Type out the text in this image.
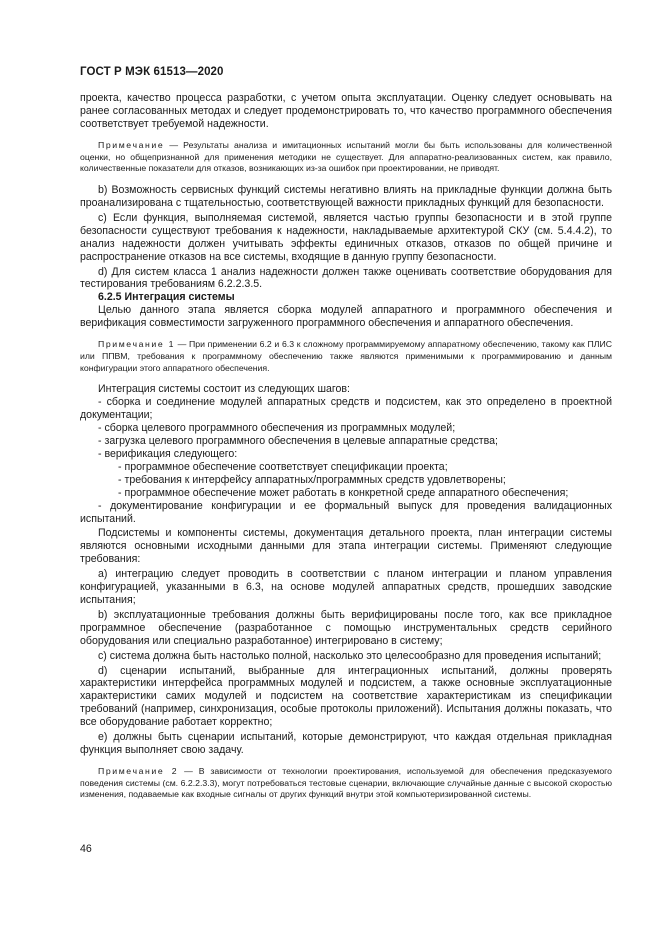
ГОСТ Р МЭК 61513—2020

проекта, качество процесса разработки, с учетом опыта эксплуатации. Оценку следует основывать на ранее согласованных методах и следует продемонстрировать то, что качество программного обеспечения соответствует требуемой надежности.

Примечание — Результаты анализа и имитационных испытаний могли бы быть использованы для количественной оценки, но общепризнанной для применения методики не существует. Для аппаратно-реализованных систем, как правило, количественные показатели для отказов, возникающих из-за ошибок при проектировании, не приводят.

b) Возможность сервисных функций системы негативно влиять на прикладные функции должна быть проанализирована с тщательностью, соответствующей важности прикладных функций для безопасности.

c) Если функция, выполняемая системой, является частью группы безопасности и в этой группе безопасности существуют требования к надежности, накладываемые архитектурой СКУ (см. 5.4.4.2), то анализ надежности должен учитывать эффекты единичных отказов, отказов по общей причине и распространение отказов на все системы, входящие в данную группу безопасности.

d) Для систем класса 1 анализ надежности должен также оценивать соответствие оборудования для тестирования требованиям 6.2.2.3.5.

6.2.5 Интеграция системы

Целью данного этапа является сборка модулей аппаратного и программного обеспечения и верификация совместимости загруженного программного обеспечения и аппаратного обеспечения.

Примечание 1 — При применении 6.2 и 6.3 к сложному программируемому аппаратному обеспечению, такому как ПЛИС или ППВМ, требования к программному обеспечению также являются применимыми к программированию и данным конфигурации этого аппаратного обеспечения.

Интеграция системы состоит из следующих шагов:

- сборка и соединение модулей аппаратных средств и подсистем, как это определено в проектной документации;

- сборка целевого программного обеспечения из программных модулей;

- загрузка целевого программного обеспечения в целевые аппаратные средства;

- верификация следующего:

- программное обеспечение соответствует спецификации проекта;

- требования к интерфейсу аппаратных/программных средств удовлетворены;

- программное обеспечение может работать в конкретной среде аппаратного обеспечения;

- документирование конфигурации и ее формальный выпуск для проведения валидационных испытаний.

Подсистемы и компоненты системы, документация детального проекта, план интеграции системы являются основными исходными данными для этапа интеграции системы. Применяют следующие требования:

a) интеграцию следует проводить в соответствии с планом интеграции и планом управления конфигурацией, указанными в 6.3, на основе модулей аппаратных средств, прошедших заводские испытания;

b) эксплуатационные требования должны быть верифицированы после того, как все прикладное программное обеспечение (разработанное с помощью инструментальных средств серийного оборудования или специально разработанное) интегрировано в систему;

c) система должна быть настолько полной, насколько это целесообразно для проведения испытаний;

d) сценарии испытаний, выбранные для интеграционных испытаний, должны проверять характеристики интерфейса программных модулей и подсистем, а также основные эксплуатационные характеристики самих модулей и подсистем на соответствие характеристикам из спецификации требований (например, синхронизация, особые протоколы приложений). Испытания должны показать, что все оборудование работает корректно;

e) должны быть сценарии испытаний, которые демонстрируют, что каждая отдельная прикладная функция выполняет свою задачу.

Примечание 2 — В зависимости от технологии проектирования, используемой для обеспечения предсказуемого поведения системы (см. 6.2.2.3.3), могут потребоваться тестовые сценарии, включающие случайные данные с высокой скоростью изменения, подаваемые как входные сигналы от других функций внутри этой компьютеризированной системы.

46
